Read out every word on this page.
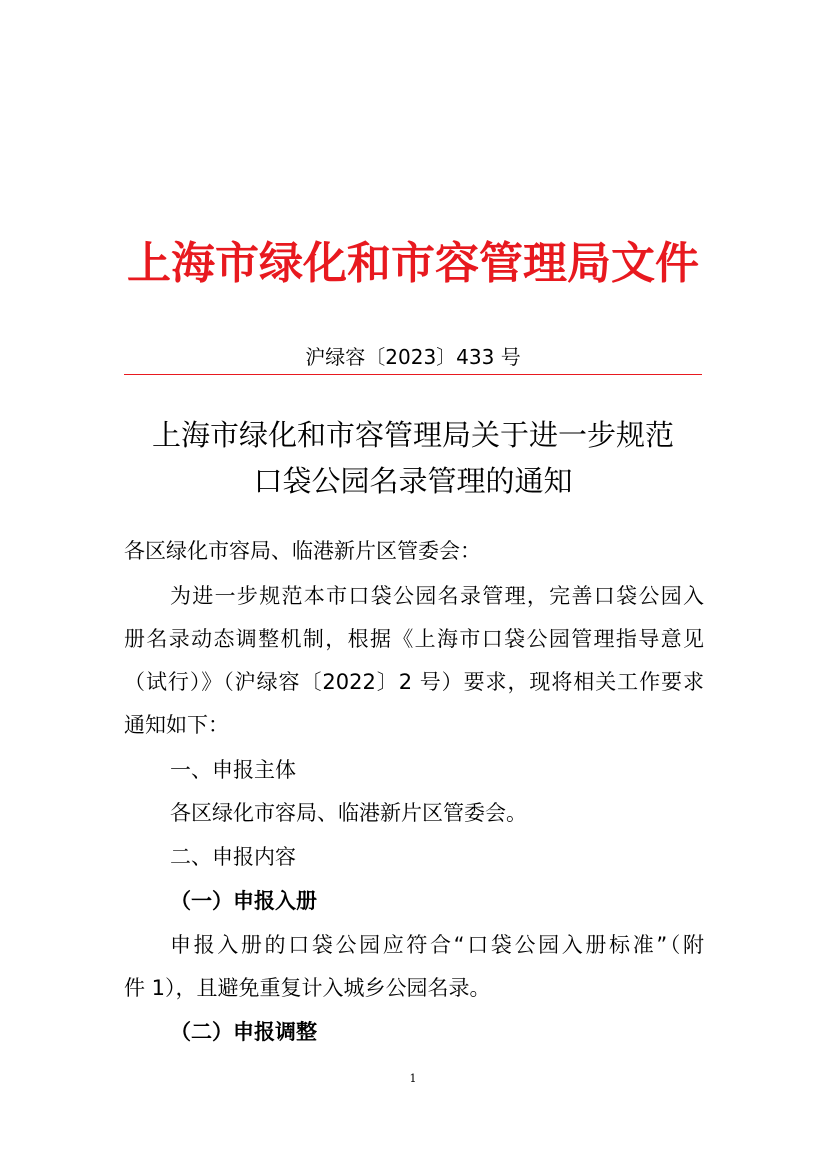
上海市绿化和市容管理局文件
沪绿容〔2023〕433 号
上海市绿化和市容管理局关于进一步规范
口袋公园名录管理的通知
各区绿化市容局、临港新片区管委会：
为进一步规范本市口袋公园名录管理，完善口袋公园入
册名录动态调整机制，根据《上海市口袋公园管理指导意见
（试行）》（沪绿容〔2022〕2 号）要求，现将相关工作要求
通知如下：
一、申报主体
各区绿化市容局、临港新片区管委会。
二、申报内容
（一）申报入册
申报入册的口袋公园应符合“口袋公园入册标准”（附
件 1），且避免重复计入城乡公园名录。
（二）申报调整
1
